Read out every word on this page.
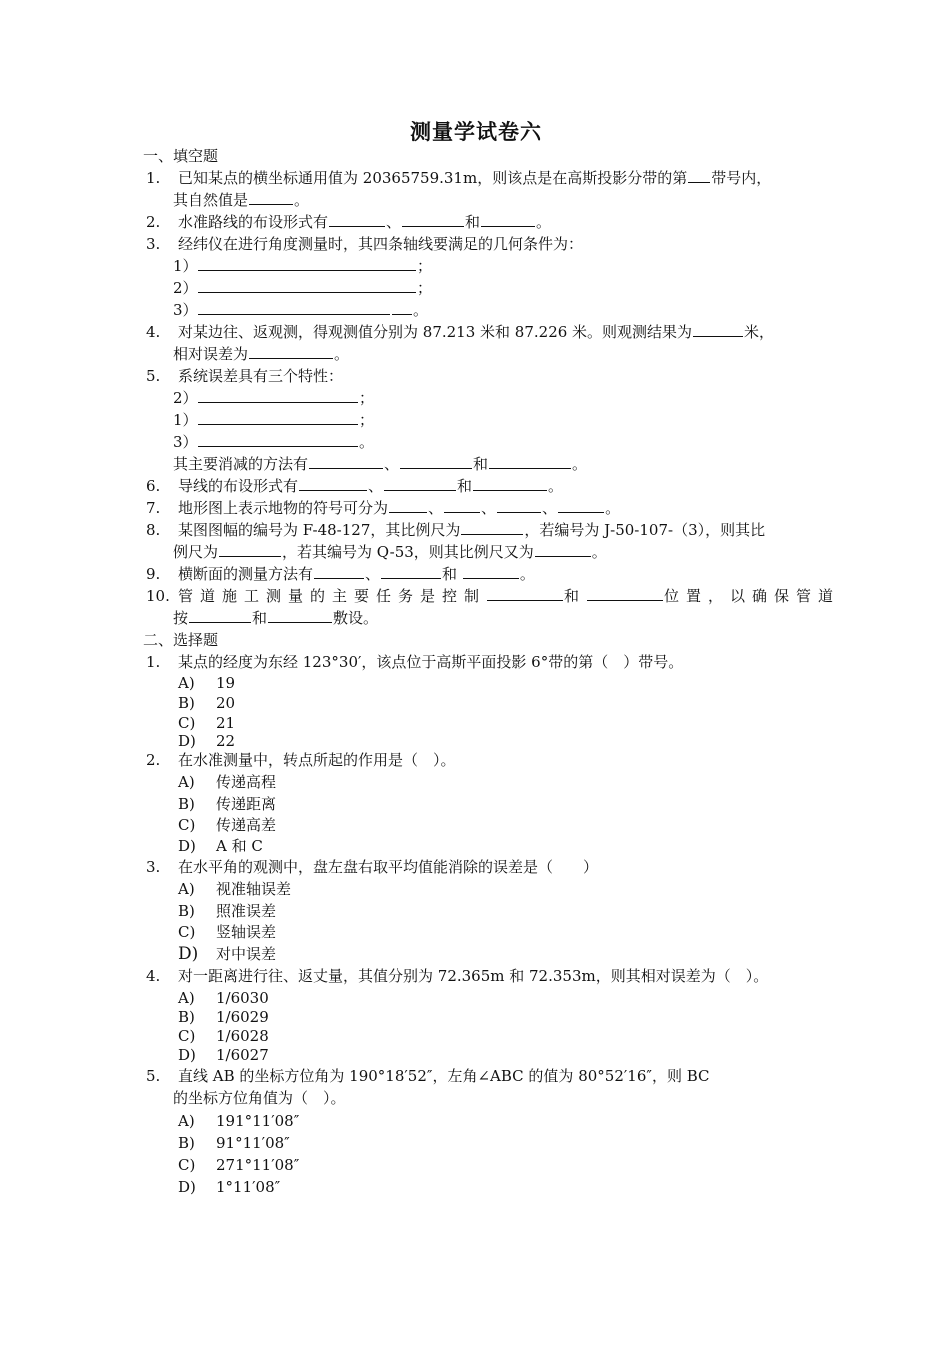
测量学试卷六
一、填空题
1. 已知某点的横坐标通用值为 20365759.31m，则该点是在高斯投影分带的第 带号内，
其自然值是	。
2. 水准路线的布设形式有	、	和	。
3. 经纬仪在进行角度测量时，其四条轴线要满足的几何条件为：
1）	；
2）	；
3）	。
4. 对某边往、返观测，得观测值分别为 87.213 米和 87.226 米。则观测结果为	米，
相对误差为	。
5. 系统误差具有三个特性：
2）	；
1）	；
3）	。
其主要消减的方法有	、	和	。
6. 导线的布设形式有	、	和	。
7. 地形图上表示地物的符号可分为	、	、	、	。
8. 某图图幅的编号为 F-48-127，其比例尺为	，若编号为 J-50-107-（3），则其比
例尺为	，若其编号为 Q-53，则其比例尺又为	。
9. 横断面的测量方法有	、	和	。
10. 管道施工测量的主要任务是控制	和	位置，以确保管道
按	和	敷设。
二、选择题
1. 某点的经度为东经 123°30′，该点位于高斯平面投影 6°带的第（　）带号。
A) 19
B) 20
C) 21
D) 22
2. 在水准测量中，转点所起的作用是（　）。
A) 传递高程
B) 传递距离
C) 传递高差
D) A 和 C
3. 在水平角的观测中，盘左盘右取平均值能消除的误差是（　　）
A) 视准轴误差
B) 照准误差
C) 竖轴误差
D) 对中误差
4. 对一距离进行往、返丈量，其值分别为 72.365m 和 72.353m，则其相对误差为（　）。
A) 1/6030
B) 1/6029
C) 1/6028
D) 1/6027
5. 直线 AB 的坐标方位角为 190°18′52″，左角∠ABC 的值为 80°52′16″，则 BC
的坐标方位角值为（　）。
A) 191°11′08″
B) 91°11′08″
C) 271°11′08″
D) 1°11′08″
